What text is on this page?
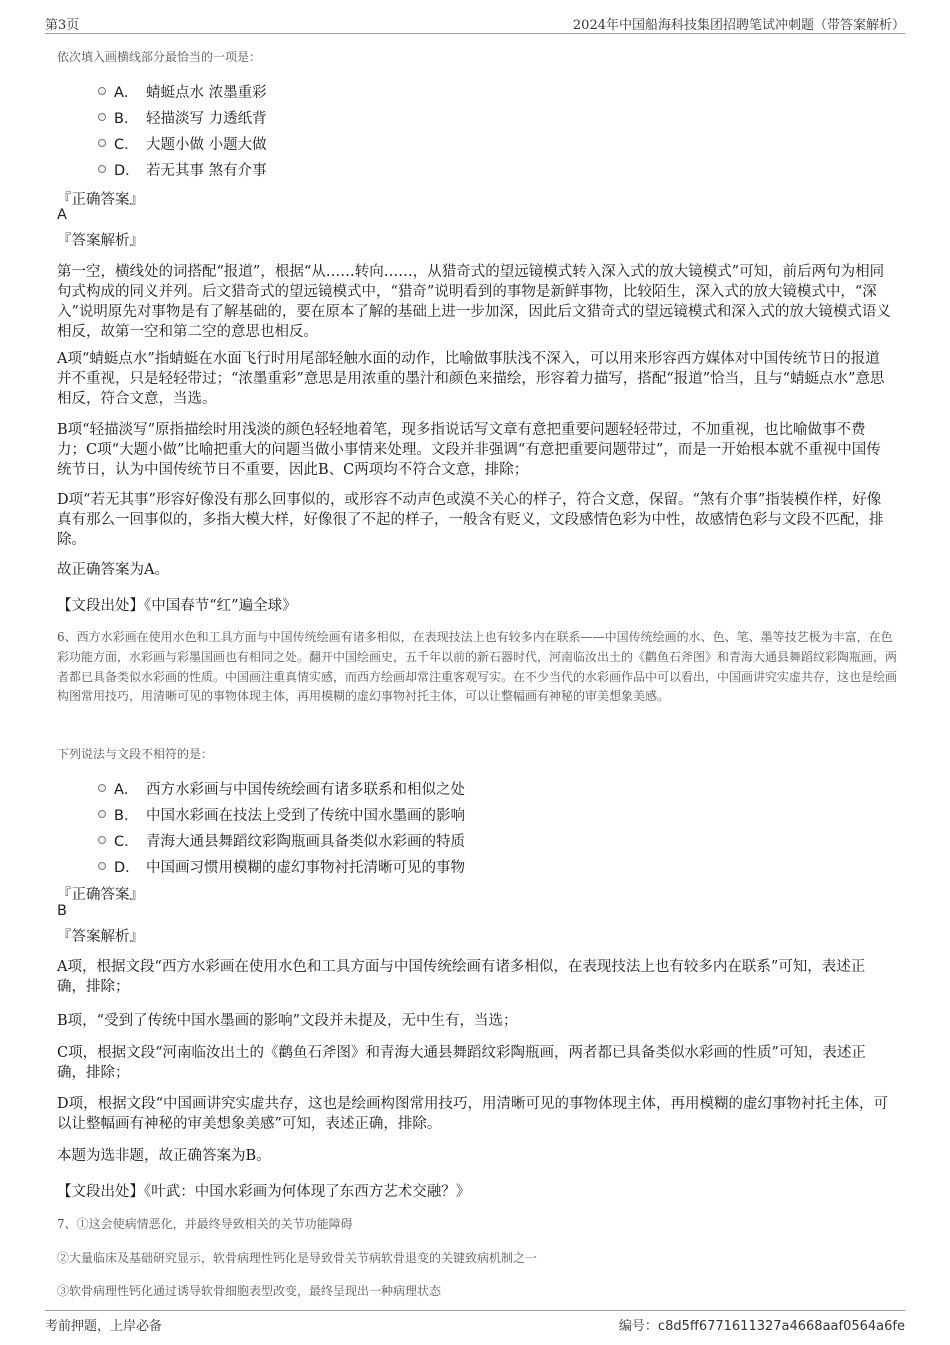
第3页	2024年中国船海科技集团招聘笔试冲刺题（带答案解析）
依次填入画横线部分最恰当的一项是：
A． 蜻蜓点水 浓墨重彩
B． 轻描淡写 力透纸背
C． 大题小做 小题大做
D． 若无其事 煞有介事
『正确答案』
A
『答案解析』

第一空，横线处的词搭配“报道”，根据“从……转向……，从猎奇式的望远镜模式转入深入式的放大镜模式”可知，前后两句为相同句式构成的同义并列。后文猎奇式的望远镜模式中，“猎奇”说明看到的事物是新鲜事物，比较陌生，深入式的放大镜模式中，“深入”说明原先对事物是有了解基础的，要在原本了解的基础上进一步加深，因此后文猎奇式的望远镜模式和深入式的放大镜模式语义相反，故第一空和第二空的意思也相反。

A项“蜻蜓点水”指蜻蜓在水面飞行时用尾部轻触水面的动作，比喻做事肤浅不深入，可以用来形容西方媒体对中国传统节日的报道并不重视，只是轻轻带过；“浓墨重彩”意思是用浓重的墨汁和颜色来描绘，形容着力描写，搭配“报道”恰当，且与“蜻蜓点水”意思相反，符合文意，当选。

B项“轻描淡写”原指描绘时用浅淡的颜色轻轻地着笔，现多指说话写文章有意把重要问题轻轻带过，不加重视，也比喻做事不费力；C项“大题小做”比喻把重大的问题当做小事情来处理。文段并非强调“有意把重要问题带过”，而是一开始根本就不重视中国传统节日，认为中国传统节日不重要，因此B、C两项均不符合文意，排除；

D项“若无其事”形容好像没有那么回事似的，或形容不动声色或漠不关心的样子，符合文意，保留。“煞有介事”指装模作样，好像真有那么一回事似的，多指大模大样，好像很了不起的样子，一般含有贬义，文段感情色彩为中性，故感情色彩与文段不匹配，排除。

故正确答案为A。

【文段出处】《中国春节“红”遍全球》
6、西方水彩画在使用水色和工具方面与中国传统绘画有诸多相似，在表现技法上也有较多内在联系——中国传统绘画的水、色、笔、墨等技艺极为丰富，在色彩功能方面，水彩画与彩墨国画也有相同之处。翻开中国绘画史，五千年以前的新石器时代，河南临汝出土的《鹳鱼石斧图》和青海大通县舞蹈纹彩陶瓶画，两者都已具备类似水彩画的性质。中国画注重真情实感，而西方绘画却常注重客观写实。在不少当代的水彩画作品中可以看出，中国画讲究实虚共存，这也是绘画构图常用技巧，用清晰可见的事物体现主体，再用模糊的虚幻事物衬托主体，可以让整幅画有神秘的审美想象美感。
下列说法与文段不相符的是：
A． 西方水彩画与中国传统绘画有诸多联系和相似之处
B． 中国水彩画在技法上受到了传统中国水墨画的影响
C． 青海大通县舞蹈纹彩陶瓶画具备类似水彩画的特质
D． 中国画习惯用模糊的虚幻事物衬托清晰可见的事物
『正确答案』
B
『答案解析』

A项，根据文段“西方水彩画在使用水色和工具方面与中国传统绘画有诸多相似，在表现技法上也有较多内在联系”可知，表述正确，排除；

B项，“受到了传统中国水墨画的影响”文段并未提及，无中生有，当选；

C项，根据文段“河南临汝出土的《鹳鱼石斧图》和青海大通县舞蹈纹彩陶瓶画，两者都已具备类似水彩画的性质”可知，表述正确，排除；

D项，根据文段“中国画讲究实虚共存，这也是绘画构图常用技巧，用清晰可见的事物体现主体，再用模糊的虚幻事物衬托主体，可以让整幅画有神秘的审美想象美感”可知，表述正确，排除。

本题为选非题，故正确答案为B。

【文段出处】《叶武：中国水彩画为何体现了东西方艺术交融？》
7、①这会使病情恶化，并最终导致相关的关节功能障碍
②大量临床及基础研究显示，软骨病理性钙化是导致骨关节病软骨退变的关键致病机制之一
③软骨病理性钙化通过诱导软骨细胞表型改变，最终呈现出一种病理状态
考前押题，上岸必备	编号：c8d5ff6771611327a4668aaf0564a6fe
